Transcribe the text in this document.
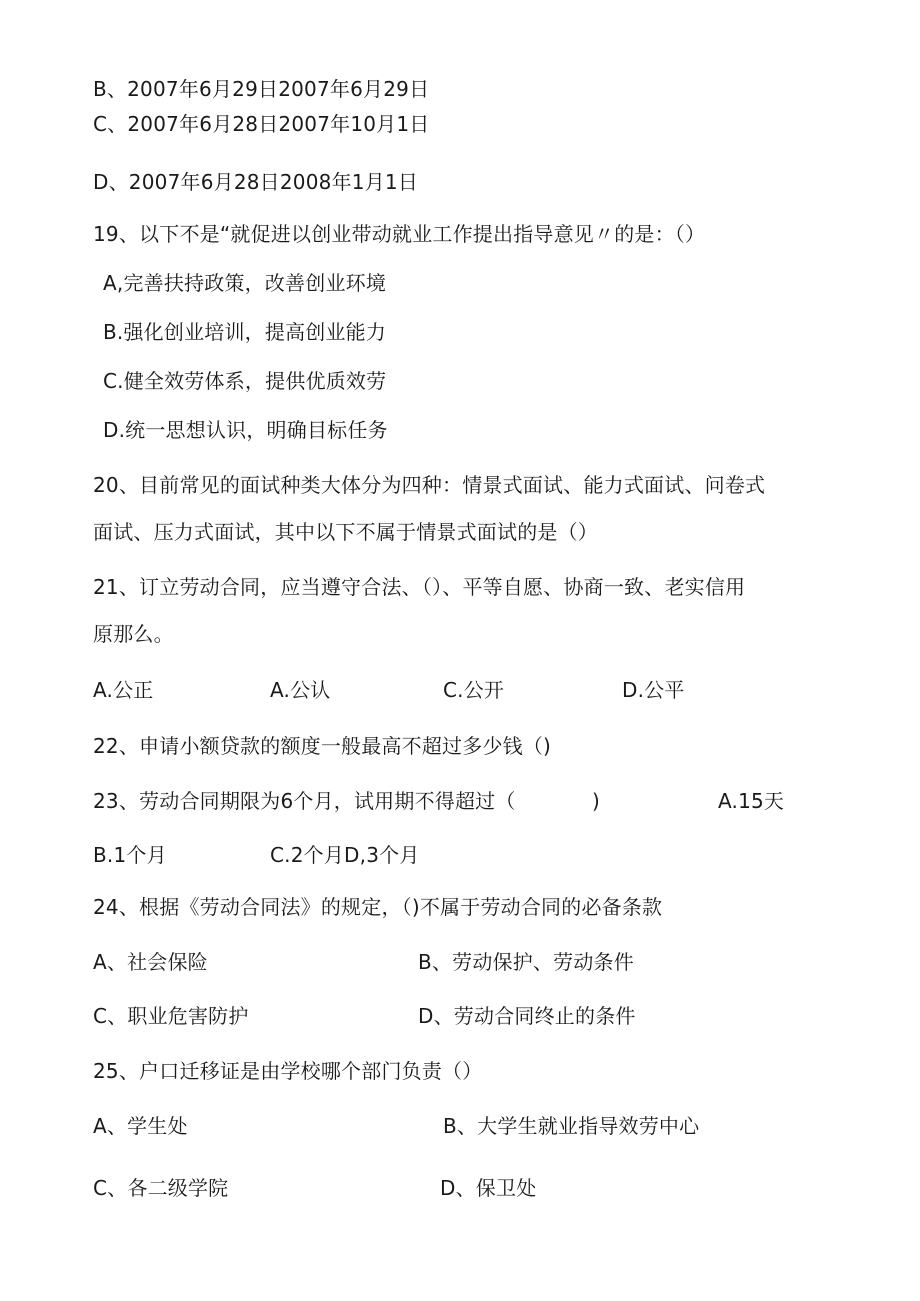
B、2007年6月29日2007年6月29日
C、2007年6月28日2007年10月1日
D、2007年6月28日2008年1月1日
19、以下不是“就促进以创业带动就业工作提出指导意见〃的是：（）
A,完善扶持政策，改善创业环境
B.强化创业培训，提高创业能力
C.健全效劳体系，提供优质效劳
D.统一思想认识，明确目标任务
20、目前常见的面试种类大体分为四种：情景式面试、能力式面试、问卷式
面试、压力式面试，其中以下不属于情景式面试的是（）
21、订立劳动合同，应当遵守合法、（）、平等自愿、协商一致、老实信用
原那么。
A.公正	A.公认	C.公开	D.公平
22、申请小额贷款的额度一般最高不超过多少钱（)
23、劳动合同期限为6个月，试用期不得超过（	)	A.15天
B.1个月	C.2个月D,3个月
24、根据《劳动合同法》的规定，（)不属于劳动合同的必备条款
A、社会保险	B、劳动保护、劳动条件
C、职业危害防护	D、劳动合同终止的条件
25、户口迁移证是由学校哪个部门负责（）
A、学生处	B、大学生就业指导效劳中心
C、各二级学院	D、保卫处
